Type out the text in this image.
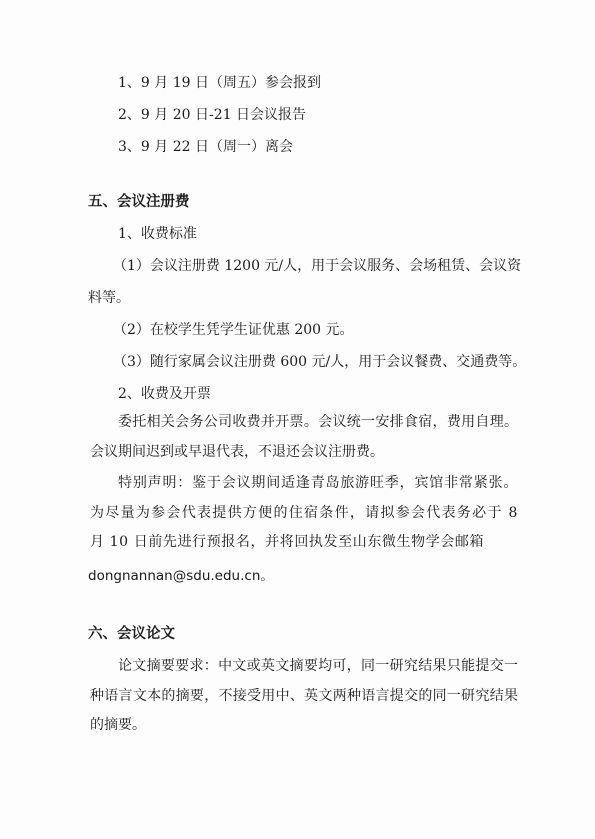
1、9 月 19 日（周五）参会报到
2、9 月 20 日-21 日会议报告
3、9 月 22 日（周一）离会
五、会议注册费
1、收费标准
（1）会议注册费 1200 元/人，用于会议服务、会场租赁、会议资
料等。
（2）在校学生凭学生证优惠 200 元。
（3）随行家属会议注册费 600 元/人，用于会议餐费、交通费等。
2、收费及开票
委托相关会务公司收费并开票。会议统一安排食宿，费用自理。会议期间迟到或早退代表，不退还会议注册费。
特别声明：鉴于会议期间适逢青岛旅游旺季，宾馆非常紧张。为尽量为参会代表提供方便的住宿条件，请拟参会代表务必于 8 月 10 日前先进行预报名，并将回执发至山东微生物学会邮箱
dongnannan@sdu.edu.cn。
六、会议论文
论文摘要要求：中文或英文摘要均可，同一研究结果只能提交一种语言文本的摘要，不接受用中、英文两种语言提交的同一研究结果的摘要。
